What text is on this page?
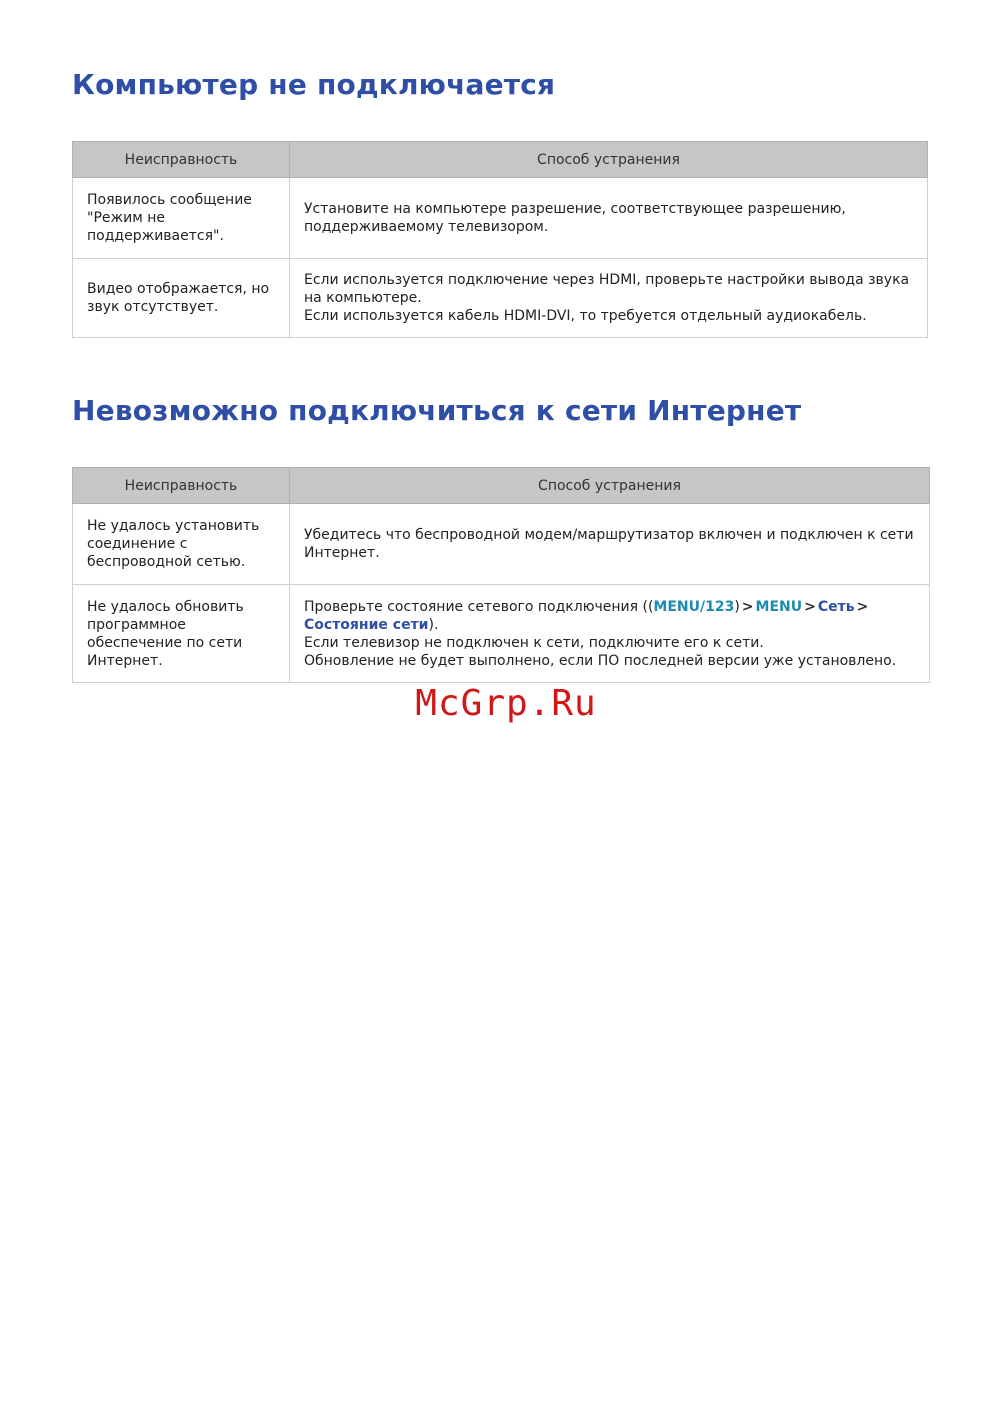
Компьютер не подключается
Неисправность	Способ устранения
Появилось сообщение "Режим не поддерживается".	Установите на компьютере разрешение, соответствующее разрешению, поддерживаемому телевизором.

Видео отображается, но звук отсутствует.	Если используется подключение через HDMI, проверьте настройки вывода звука на компьютере.
Если используется кабель HDMI-DVI, то требуется отдельный аудиокабель.
Невозможно подключиться к сети Интернет
Неисправность	Способ устранения
Не удалось установить соединение с беспроводной сетью.	Убедитесь что беспроводной модем/маршрутизатор включен и подключен к сети Интернет.

Не удалось обновить программное обеспечение по сети Интернет.	Проверьте состояние сетевого подключения ((MENU/123) > MENU > Сеть >
Состояние сети).
Если телевизор не подключен к сети, подключите его к сети.
Обновление не будет выполнено, если ПО последней версии уже установлено.
McGrp.Ru
